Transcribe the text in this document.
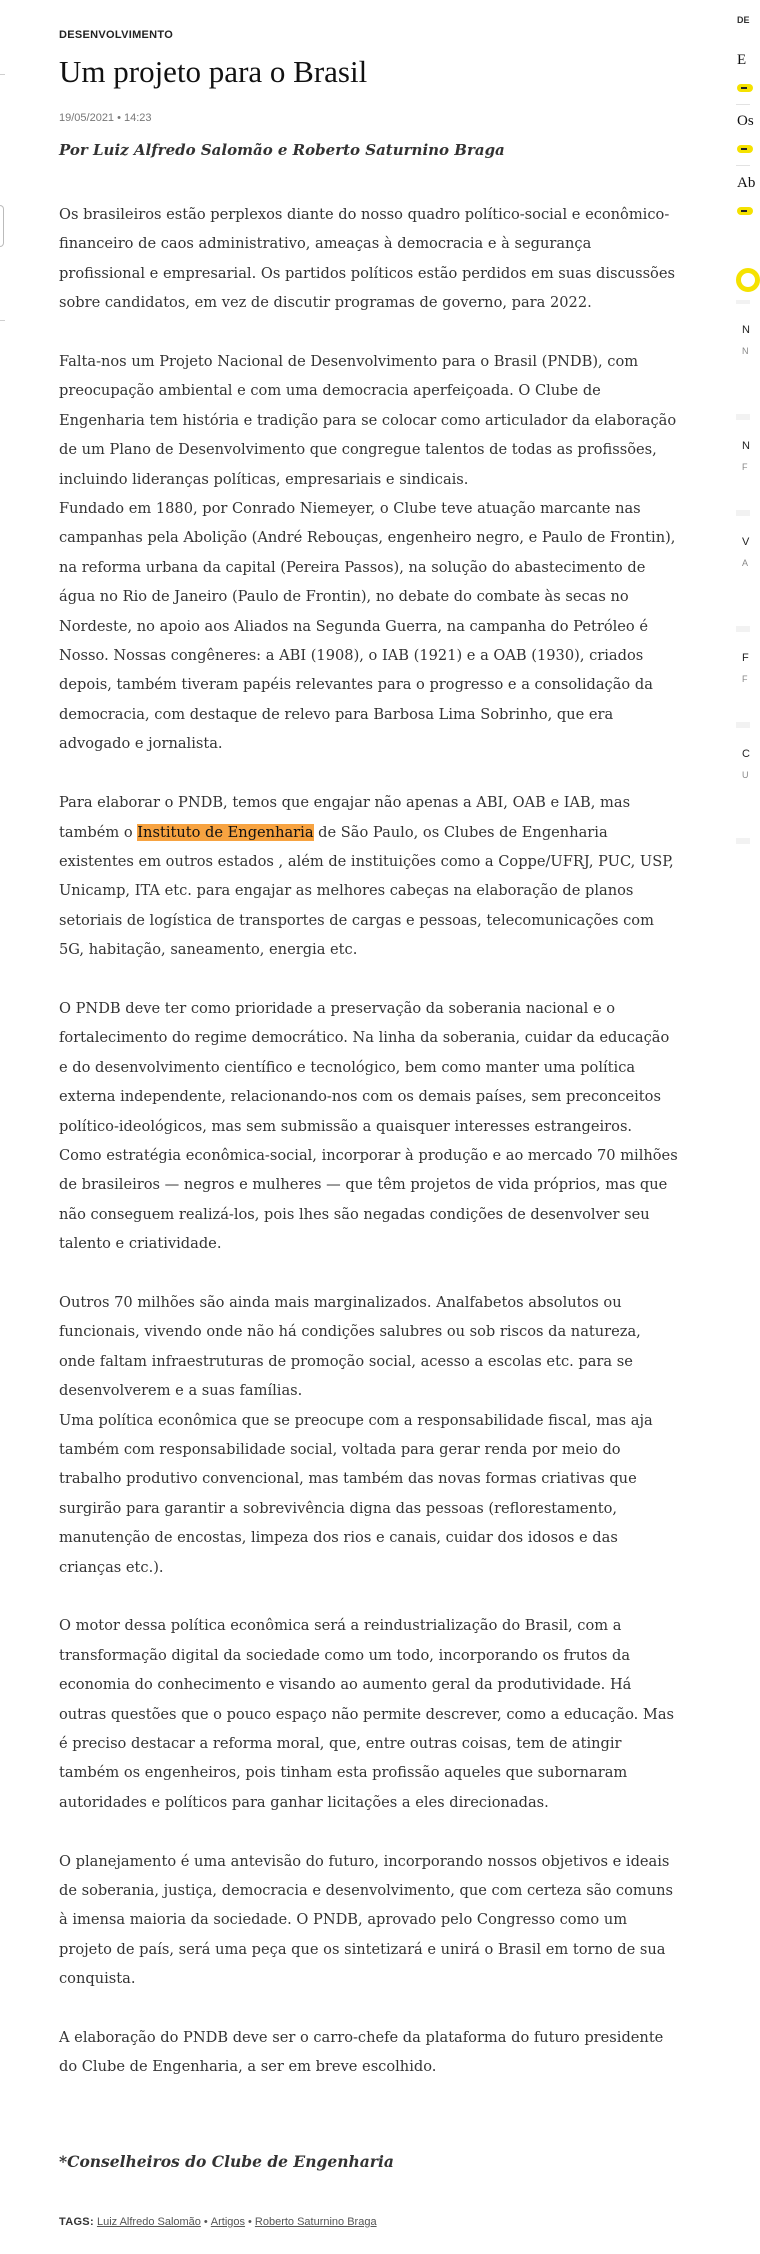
DESENVOLVIMENTO
Um projeto para o Brasil
19/05/2021 • 14:23
Por Luiz Alfredo Salomão e Roberto Saturnino Braga

Os brasileiros estão perplexos diante do nosso quadro político-social e econômico-financeiro de caos administrativo, ameaças à democracia e à segurança profissional e empresarial. Os partidos políticos estão perdidos em suas discussões sobre candidatos, em vez de discutir programas de governo, para 2022.

Falta-nos um Projeto Nacional de Desenvolvimento para o Brasil (PNDB), com preocupação ambiental e com uma democracia aperfeiçoada. O Clube de Engenharia tem história e tradição para se colocar como articulador da elaboração de um Plano de Desenvolvimento que congregue talentos de todas as profissões, incluindo lideranças políticas, empresariais e sindicais.

Fundado em 1880, por Conrado Niemeyer, o Clube teve atuação marcante nas campanhas pela Abolição (André Rebouças, engenheiro negro, e Paulo de Frontin), na reforma urbana da capital (Pereira Passos), na solução do abastecimento de água no Rio de Janeiro (Paulo de Frontin), no debate do combate às secas no Nordeste, no apoio aos Aliados na Segunda Guerra, na campanha do Petróleo é Nosso. Nossas congêneres: a ABI (1908), o IAB (1921) e a OAB (1930), criados depois, também tiveram papéis relevantes para o progresso e a consolidação da democracia, com destaque de relevo para Barbosa Lima Sobrinho, que era advogado e jornalista.

Para elaborar o PNDB, temos que engajar não apenas a ABI, OAB e IAB, mas também o Instituto de Engenharia de São Paulo, os Clubes de Engenharia existentes em outros estados , além de instituições como a Coppe/UFRJ, PUC, USP, Unicamp, ITA etc. para engajar as melhores cabeças na elaboração de planos setoriais de logística de transportes de cargas e pessoas, telecomunicações com 5G, habitação, saneamento, energia etc.

O PNDB deve ter como prioridade a preservação da soberania nacional e o fortalecimento do regime democrático. Na linha da soberania, cuidar da educação e do desenvolvimento científico e tecnológico, bem como manter uma política externa independente, relacionando-nos com os demais países, sem preconceitos político-ideológicos, mas sem submissão a quaisquer interesses estrangeiros.

Como estratégia econômica-social, incorporar à produção e ao mercado 70 milhões de brasileiros — negros e mulheres — que têm projetos de vida próprios, mas que não conseguem realizá-los, pois lhes são negadas condições de desenvolver seu talento e criatividade.

Outros 70 milhões são ainda mais marginalizados. Analfabetos absolutos ou funcionais, vivendo onde não há condições salubres ou sob riscos da natureza, onde faltam infraestruturas de promoção social, acesso a escolas etc. para se desenvolverem e a suas famílias.

Uma política econômica que se preocupe com a responsabilidade fiscal, mas aja também com responsabilidade social, voltada para gerar renda por meio do trabalho produtivo convencional, mas também das novas formas criativas que surgirão para garantir a sobrevivência digna das pessoas (reflorestamento, manutenção de encostas, limpeza dos rios e canais, cuidar dos idosos e das crianças etc.).

O motor dessa política econômica será a reindustrialização do Brasil, com a transformação digital da sociedade como um todo, incorporando os frutos da economia do conhecimento e visando ao aumento geral da produtividade. Há outras questões que o pouco espaço não permite descrever, como a educação. Mas é preciso destacar a reforma moral, que, entre outras coisas, tem de atingir também os engenheiros, pois tinham esta profissão aqueles que subornaram autoridades e políticos para ganhar licitações a eles direcionadas.

O planejamento é uma antevisão do futuro, incorporando nossos objetivos e ideais de soberania, justiça, democracia e desenvolvimento, que com certeza são comuns à imensa maioria da sociedade. O PNDB, aprovado pelo Congresso como um projeto de país, será uma peça que os sintetizará e unirá o Brasil em torno de sua conquista.

A elaboração do PNDB deve ser o carro-chefe da plataforma do futuro presidente do Clube de Engenharia, a ser em breve escolhido.

*Conselheiros do Clube de Engenharia
TAGS: Luiz Alfredo Salomão • Artigos • Roberto Saturnino Braga
DE
E
Os
Ab
N
N
N
F
V
A
F
F
C
U
